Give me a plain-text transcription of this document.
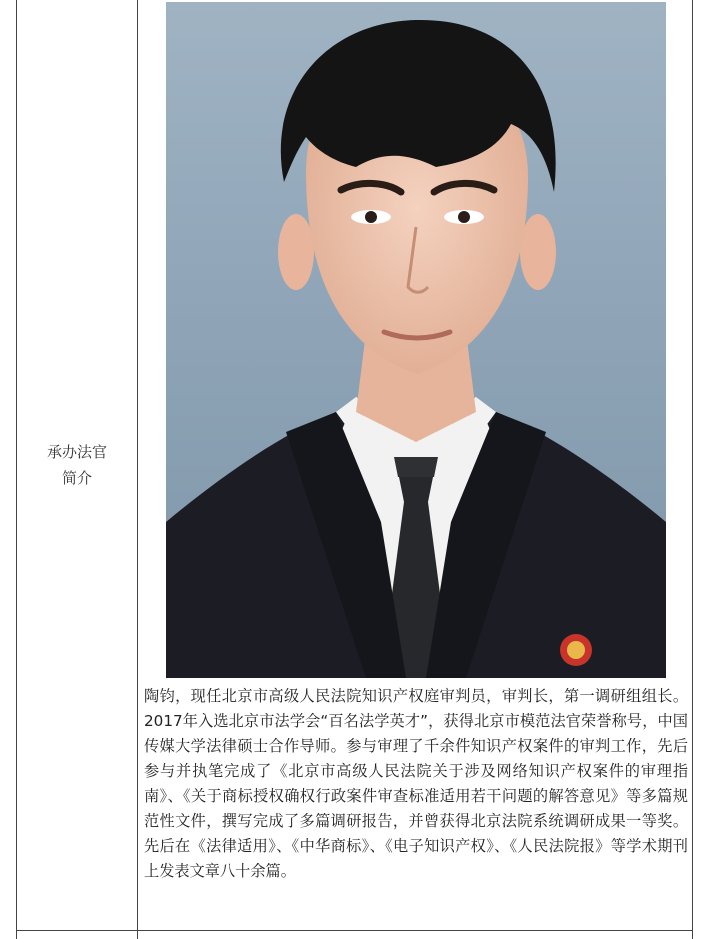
承办法官
简介

陶钧，现任北京市高级人民法院知识产权庭审判员，审判长，第一调研组组长。2017年入选北京市法学会“百名法学英才”，获得北京市模范法官荣誉称号，中国传媒大学法律硕士合作导师。参与审理了千余件知识产权案件的审判工作，先后参与并执笔完成了《北京市高级人民法院关于涉及网络知识产权案件的审理指南》、《关于商标授权确权行政案件审查标准适用若干问题的解答意见》等多篇规范性文件，撰写完成了多篇调研报告，并曾获得北京法院系统调研成果一等奖。先后在《法律适用》、《中华商标》、《电子知识产权》、《人民法院报》等学术期刊上发表文章八十余篇。
